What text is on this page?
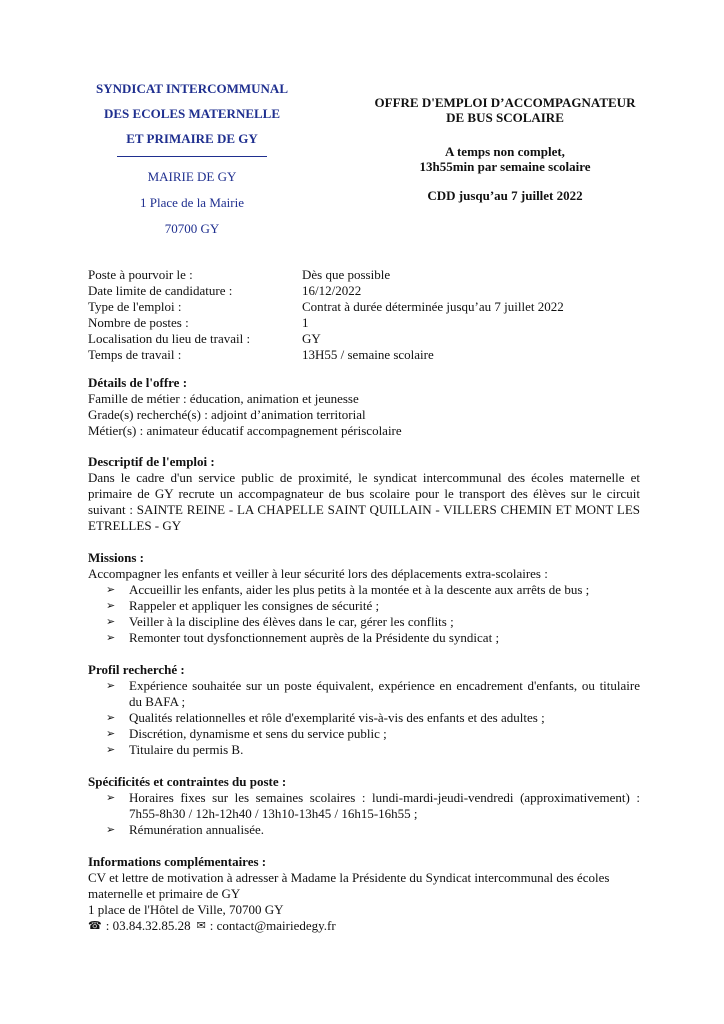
SYNDICAT INTERCOMMUNAL
DES ECOLES MATERNELLE
ET PRIMAIRE DE GY
MAIRIE DE GY
1 Place de la Mairie
70700 GY
OFFRE D'EMPLOI D’ACCOMPAGNATEUR
DE BUS SCOLAIRE
A temps non complet,
13h55min par semaine scolaire
CDD jusqu’au 7 juillet 2022
Poste à pourvoir le :	Dès que possible
Date limite de candidature :	16/12/2022
Type de l'emploi :	Contrat à durée déterminée jusqu’au 7 juillet 2022
Nombre de postes :	1
Localisation du lieu de travail :	GY
Temps de travail :	13H55 / semaine scolaire
Détails de l'offre :
Famille de métier : éducation, animation et jeunesse
Grade(s) recherché(s) : adjoint d’animation territorial
Métier(s) : animateur éducatif accompagnement périscolaire
Descriptif de l'emploi :
Dans le cadre d'un service public de proximité, le syndicat intercommunal des écoles maternelle et primaire de GY recrute un accompagnateur de bus scolaire pour le transport des élèves sur le circuit suivant : SAINTE REINE - LA CHAPELLE SAINT QUILLAIN - VILLERS CHEMIN ET MONT LES ETRELLES - GY
Missions :
Accompagner les enfants et veiller à leur sécurité lors des déplacements extra-scolaires :
➢	Accueillir les enfants, aider les plus petits à la montée et à la descente aux arrêts de bus ;
➢	Rappeler et appliquer les consignes de sécurité ;
➢	Veiller à la discipline des élèves dans le car, gérer les conflits ;
➢	Remonter tout dysfonctionnement auprès de la Présidente du syndicat ;
Profil recherché :
➢	Expérience souhaitée sur un poste équivalent, expérience en encadrement d'enfants, ou titulaire du BAFA ;
➢	Qualités relationnelles et rôle d'exemplarité vis-à-vis des enfants et des adultes ;
➢	Discrétion, dynamisme et sens du service public ;
➢	Titulaire du permis B.
Spécificités et contraintes du poste :
➢	Horaires fixes sur les semaines scolaires : lundi-mardi-jeudi-vendredi (approximativement) : 7h55-8h30 / 12h-12h40 / 13h10-13h45 / 16h15-16h55 ;
➢	Rémunération annualisée.
Informations complémentaires :
CV et lettre de motivation à adresser à Madame la Présidente du Syndicat intercommunal des écoles maternelle et primaire de GY
1 place de l'Hôtel de Ville, 70700 GY
☎ : 03.84.32.85.28 ✉ : contact@mairiedegy.fr
